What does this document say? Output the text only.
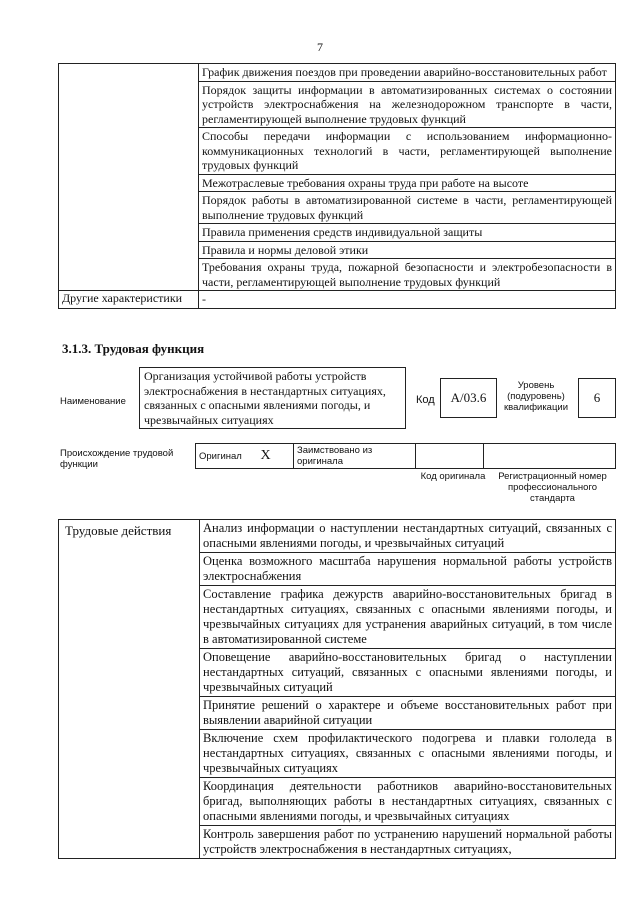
7
	График движения поездов при проведении аварийно-восстановительных работ
	Порядок защиты информации в автоматизированных системах о состоянии устройств электроснабжения на железнодорожном транспорте в части, регламентирующей выполнение трудовых функций
	Способы передачи информации с использованием информационно-коммуникационных технологий в части, регламентирующей выполнение трудовых функций
	Межотраслевые требования охраны труда при работе на высоте
	Порядок работы в автоматизированной системе в части, регламентирующей выполнение трудовых функций
	Правила применения средств индивидуальной защиты
	Правила и нормы деловой этики
	Требования охраны труда, пожарной безопасности и электробезопасности в части, регламентирующей выполнение трудовых функций
Другие характеристики	-
3.1.3. Трудовая функция
Наименование
Организация устойчивой работы устройств электроснабжения в нестандартных ситуациях, связанных с опасными явлениями погоды, и чрезвычайных ситуациях
Код	А/03.6
Уровень (подуровень) квалификации
6
Происхождение трудовой функции
Оригинал	X	Заимствовано из оригинала		
Код оригинала	Регистрационный номер профессионального стандарта
Трудовые действия	Анализ информации о наступлении нестандартных ситуаций, связанных с опасными явлениями погоды, и чрезвычайных ситуаций
Оценка возможного масштаба нарушения нормальной работы устройств электроснабжения
Составление графика дежурств аварийно-восстановительных бригад в нестандартных ситуациях, связанных с опасными явлениями погоды, и чрезвычайных ситуациях для устранения аварийных ситуаций, в том числе в автоматизированной системе
Оповещение аварийно-восстановительных бригад о наступлении нестандартных ситуаций, связанных с опасными явлениями погоды, и чрезвычайных ситуаций
Принятие решений о характере и объеме восстановительных работ при выявлении аварийной ситуации
Включение схем профилактического подогрева и плавки гололеда в нестандартных ситуациях, связанных с опасными явлениями погоды, и чрезвычайных ситуациях
Координация деятельности работников аварийно-восстановительных бригад, выполняющих работы в нестандартных ситуациях, связанных с опасными явлениями погоды, и чрезвычайных ситуациях
Контроль завершения работ по устранению нарушений нормальной работы устройств электроснабжения в нестандартных ситуациях,
